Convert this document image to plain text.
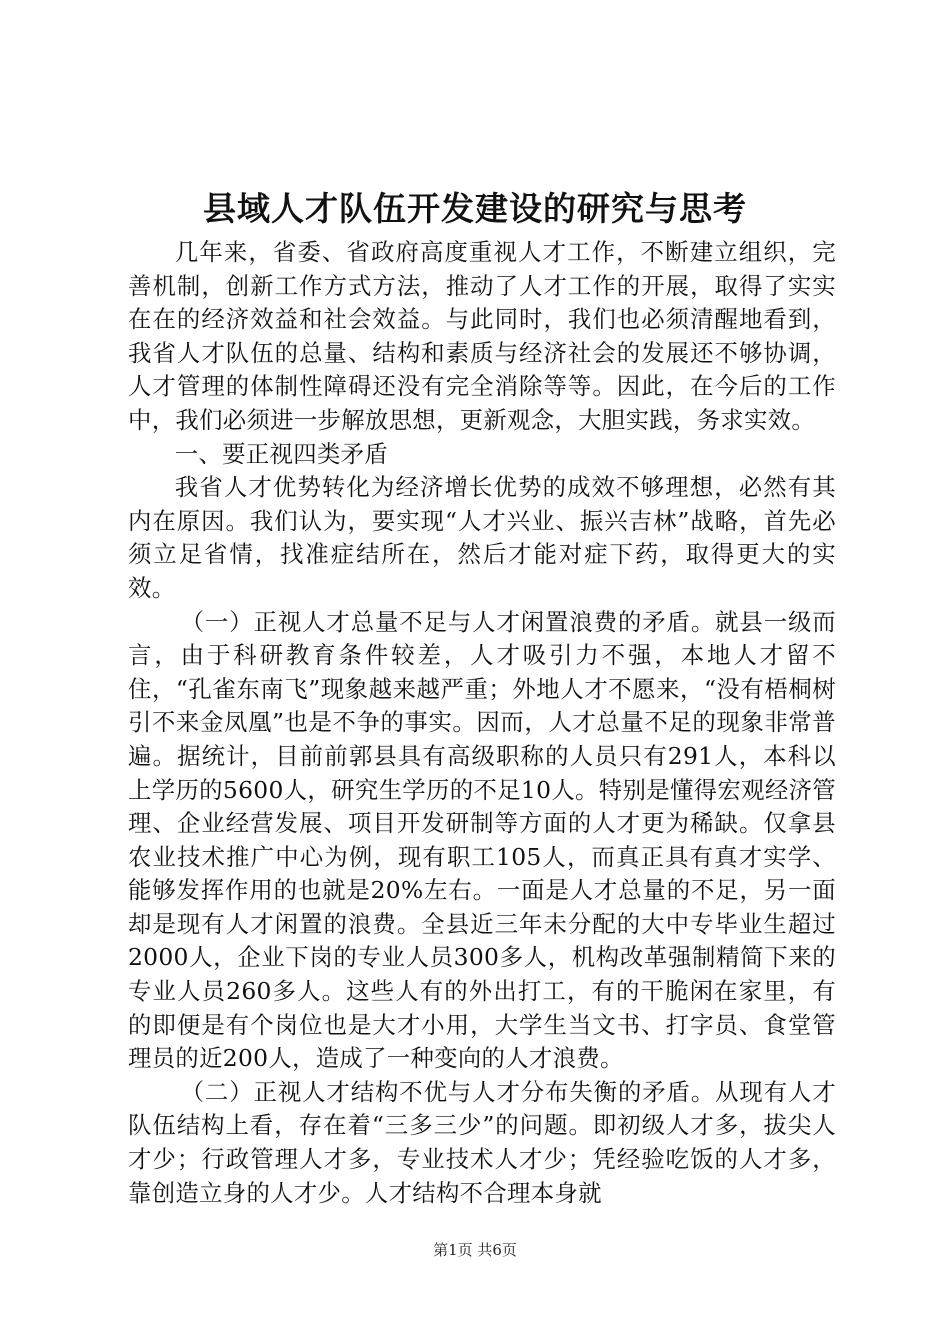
县域人才队伍开发建设的研究与思考

几年来，省委、省政府高度重视人才工作，不断建立组织，完善机制，创新工作方式方法，推动了人才工作的开展，取得了实实在在的经济效益和社会效益。与此同时，我们也必须清醒地看到，我省人才队伍的总量、结构和素质与经济社会的发展还不够协调，人才管理的体制性障碍还没有完全消除等等。因此，在今后的工作中，我们必须进一步解放思想，更新观念，大胆实践，务求实效。

一、要正视四类矛盾

我省人才优势转化为经济增长优势的成效不够理想，必然有其内在原因。我们认为，要实现“人才兴业、振兴吉林”战略，首先必须立足省情，找准症结所在，然后才能对症下药，取得更大的实效。

（一）正视人才总量不足与人才闲置浪费的矛盾。就县一级而言，由于科研教育条件较差，人才吸引力不强，本地人才留不住，“孔雀东南飞”现象越来越严重；外地人才不愿来，“没有梧桐树引不来金凤凰”也是不争的事实。因而，人才总量不足的现象非常普遍。据统计，目前前郭县具有高级职称的人员只有291人，本科以上学历的5600人，研究生学历的不足10人。特别是懂得宏观经济管理、企业经营发展、项目开发研制等方面的人才更为稀缺。仅拿县农业技术推广中心为例，现有职工105人，而真正具有真才实学、能够发挥作用的也就是20%左右。一面是人才总量的不足，另一面却是现有人才闲置的浪费。全县近三年未分配的大中专毕业生超过2000人，企业下岗的专业人员300多人，机构改革强制精简下来的专业人员260多人。这些人有的外出打工，有的干脆闲在家里，有的即便是有个岗位也是大才小用，大学生当文书、打字员、食堂管理员的近200人，造成了一种变向的人才浪费。

（二）正视人才结构不优与人才分布失衡的矛盾。从现有人才队伍结构上看，存在着“三多三少”的问题。即初级人才多，拔尖人才少；行政管理人才多，专业技术人才少；凭经验吃饭的人才多，靠创造立身的人才少。人才结构不合理本身就

第1页 共6页
